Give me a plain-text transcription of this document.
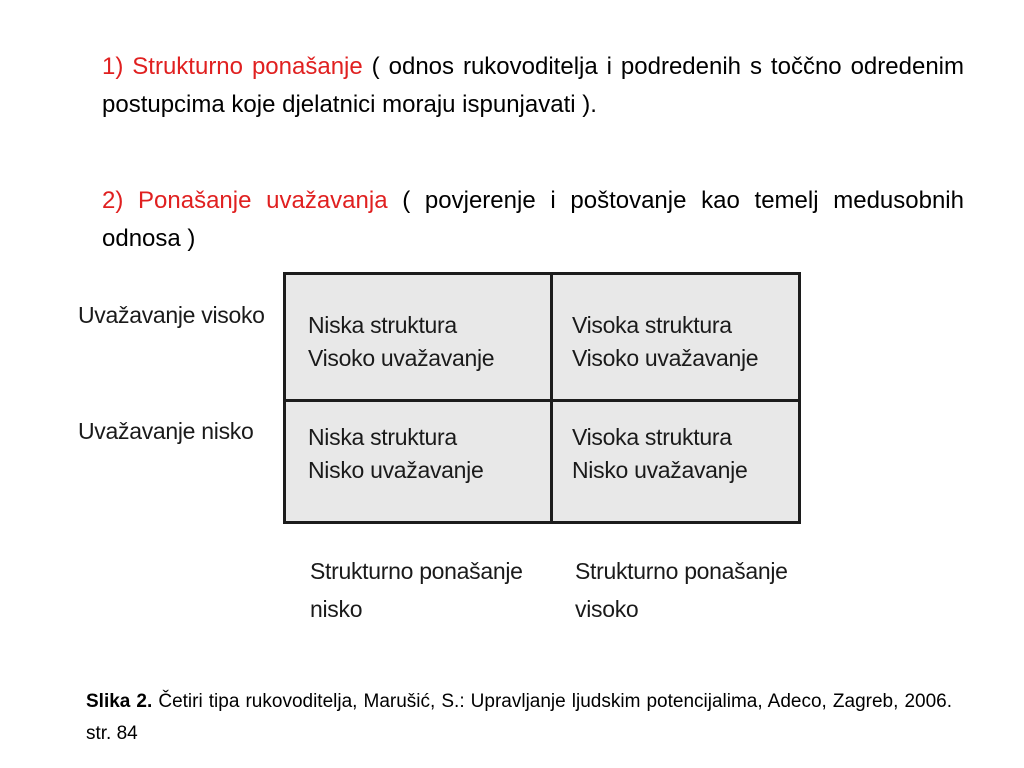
1) Strukturno ponašanje ( odnos rukovoditelja i podredenih s toččno odredenim postupcima koje djelatnici moraju ispunjavati ).
2) Ponašanje uvažavanja ( povjerenje i poštovanje kao temelj medusobnih odnosa )
Uvažavanje visoko
Uvažavanje nisko
Niska struktura
Visoko uvažavanje
Visoka struktura
Visoko uvažavanje
Niska struktura
Nisko uvažavanje
Visoka struktura
Nisko uvažavanje
Strukturno ponašanje
nisko
Strukturno ponašanje
visoko
Slika 2. Četiri tipa rukovoditelja, Marušić, S.: Upravljanje ljudskim potencijalima, Adeco, Zagreb, 2006. str. 84
